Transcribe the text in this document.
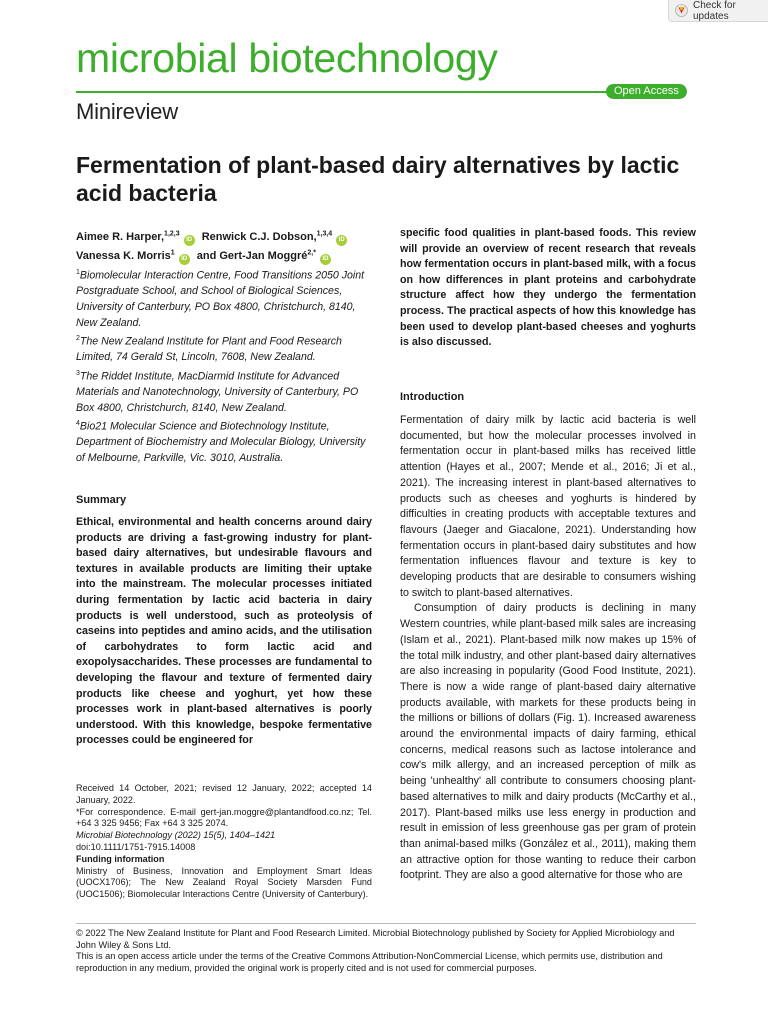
Check for updates
microbial biotechnology
Open Access
Minireview
Fermentation of plant-based dairy alternatives by lactic acid bacteria
Aimee R. Harper,$^{1,2,3}$ID Renwick C.J. Dobson,$^{1,3,4}$ID
Vanessa K. Morris$^1$ID and Gert-Jan Moggré$^{2,*}$ID

$^1$Biomolecular Interaction Centre, Food Transitions 2050 Joint Postgraduate School, and School of Biological Sciences, University of Canterbury, PO Box 4800, Christchurch, 8140, New Zealand.

$^2$The New Zealand Institute for Plant and Food Research Limited, 74 Gerald St, Lincoln, 7608, New Zealand.

$^3$The Riddet Institute, MacDiarmid Institute for Advanced Materials and Nanotechnology, University of Canterbury, PO Box 4800, Christchurch, 8140, New Zealand.

$^4$Bio21 Molecular Science and Biotechnology Institute, Department of Biochemistry and Molecular Biology, University of Melbourne, Parkville, Vic. 3010, Australia.

Summary

Ethical, environmental and health concerns around dairy products are driving a fast-growing industry for plant-based dairy alternatives, but undesirable flavours and textures in available products are limiting their uptake into the mainstream. The molecular processes initiated during fermentation by lactic acid bacteria in dairy products is well understood, such as proteolysis of caseins into peptides and amino acids, and the utilisation of carbohydrates to form lactic acid and exopolysaccharides. These processes are fundamental to developing the flavour and texture of fermented dairy products like cheese and yoghurt, yet how these processes work in plant-based alternatives is poorly understood. With this knowledge, bespoke fermentative processes could be engineered for

Received 14 October, 2021; revised 12 January, 2022; accepted 14 January, 2022.

*For correspondence. E-mail gert-jan.moggre@plantandfood.co.nz; Tel. +64 3 325 9456; Fax +64 3 325 2074.

Microbial Biotechnology (2022) 15(5), 1404–1421

doi:10.1111/1751-7915.14008

Funding information

Ministry of Business, Innovation and Employment Smart Ideas (UOCX1706); The New Zealand Royal Society Marsden Fund (UOC1506); Biomolecular Interactions Centre (University of Canterbury).

specific food qualities in plant-based foods. This review will provide an overview of recent research that reveals how fermentation occurs in plant-based milk, with a focus on how differences in plant proteins and carbohydrate structure affect how they undergo the fermentation process. The practical aspects of how this knowledge has been used to develop plant-based cheeses and yoghurts is also discussed.

Introduction

Fermentation of dairy milk by lactic acid bacteria is well documented, but how the molecular processes involved in fermentation occur in plant-based milks has received little attention (Hayes et al., 2007; Mende et al., 2016; Ji et al., 2021). The increasing interest in plant-based alternatives to products such as cheeses and yoghurts is hindered by difficulties in creating products with acceptable textures and flavours (Jaeger and Giacalone, 2021). Understanding how fermentation occurs in plant-based dairy substitutes and how fermentation influences flavour and texture is key to developing products that are desirable to consumers wishing to switch to plant-based alternatives.

Consumption of dairy products is declining in many Western countries, while plant-based milk sales are increasing (Islam et al., 2021). Plant-based milk now makes up 15% of the total milk industry, and other plant-based dairy alternatives are also increasing in popularity (Good Food Institute, 2021). There is now a wide range of plant-based dairy alternative products available, with markets for these products being in the millions or billions of dollars (Fig. 1). Increased awareness around the environmental impacts of dairy farming, ethical concerns, medical reasons such as lactose intolerance and cow's milk allergy, and an increased perception of milk as being 'unhealthy' all contribute to consumers choosing plant-based alternatives to milk and dairy products (McCarthy et al., 2017). Plant-based milks use less energy in production and result in emission of less greenhouse gas per gram of protein than animal-based milks (González et al., 2011), making them an attractive option for those wanting to reduce their carbon footprint. They are also a good alternative for those who are

© 2022 The New Zealand Institute for Plant and Food Research Limited. Microbial Biotechnology published by Society for Applied Microbiology and John Wiley & Sons Ltd.

This is an open access article under the terms of the Creative Commons Attribution-NonCommercial License, which permits use, distribution and reproduction in any medium, provided the original work is properly cited and is not used for commercial purposes.
